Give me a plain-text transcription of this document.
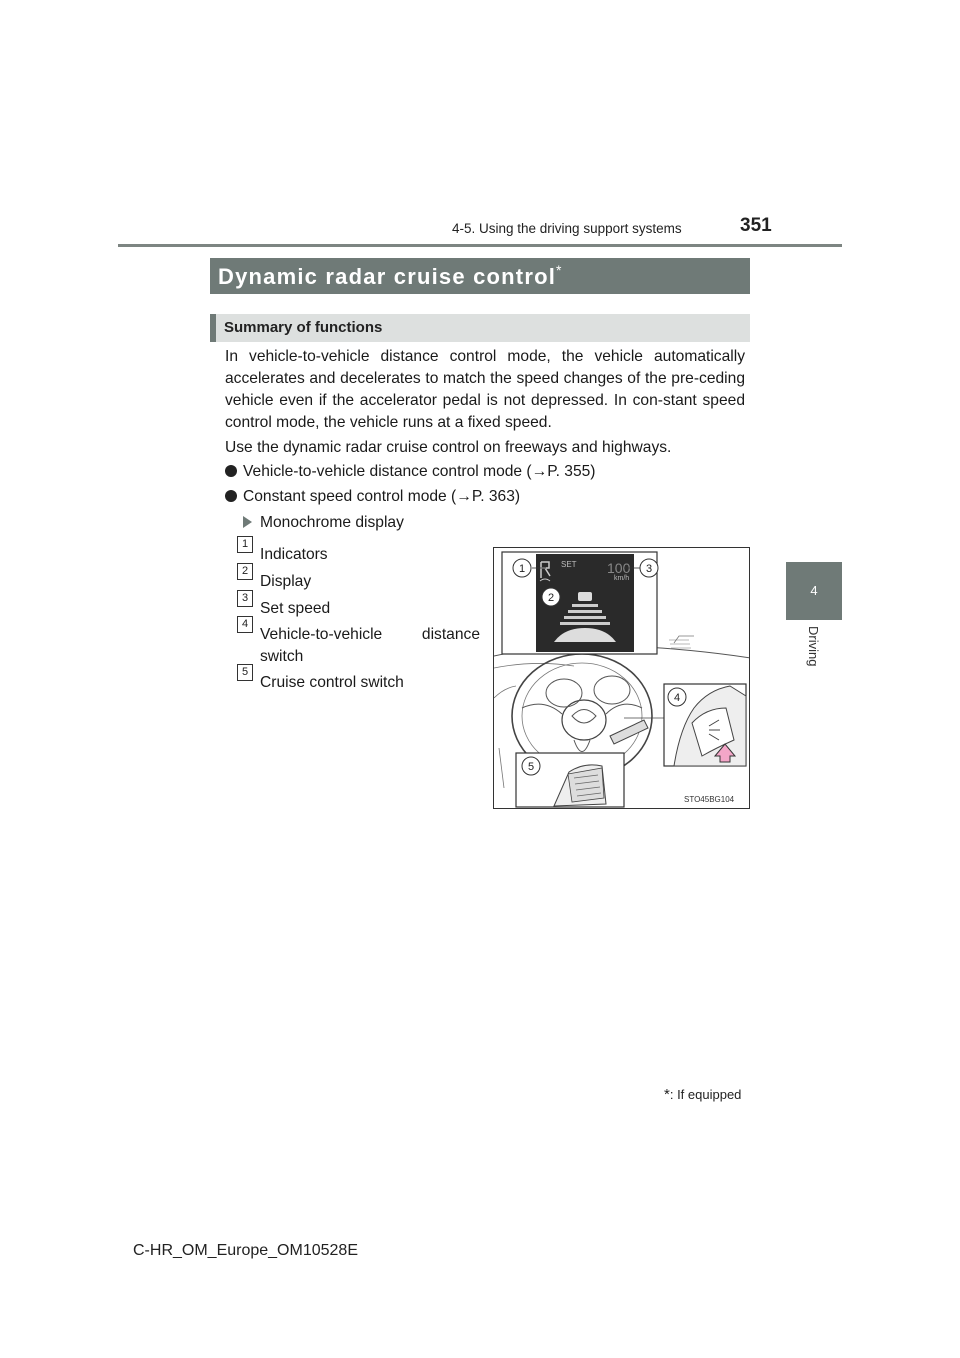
4-5. Using the driving support systems	351
4
Driving
Dynamic radar cruise control*
Summary of functions
In vehicle-to-vehicle distance control mode, the vehicle automatically accelerates and decelerates to match the speed changes of the pre-ceding vehicle even if the accelerator pedal is not depressed. In con-stant speed control mode, the vehicle runs at a fixed speed.
Use the dynamic radar cruise control on freeways and highways.
Vehicle-to-vehicle distance control mode (→P. 355)
Constant speed control mode (→P. 363)
Monochrome display
1
Indicators
2
Display
3
Set speed
4
Vehicle-to-vehicle distance switch
5
Cruise control switch
SET 100
km/h
1	3
2
4
5
STO45BG104
*: If equipped
C-HR_OM_Europe_OM10528E
